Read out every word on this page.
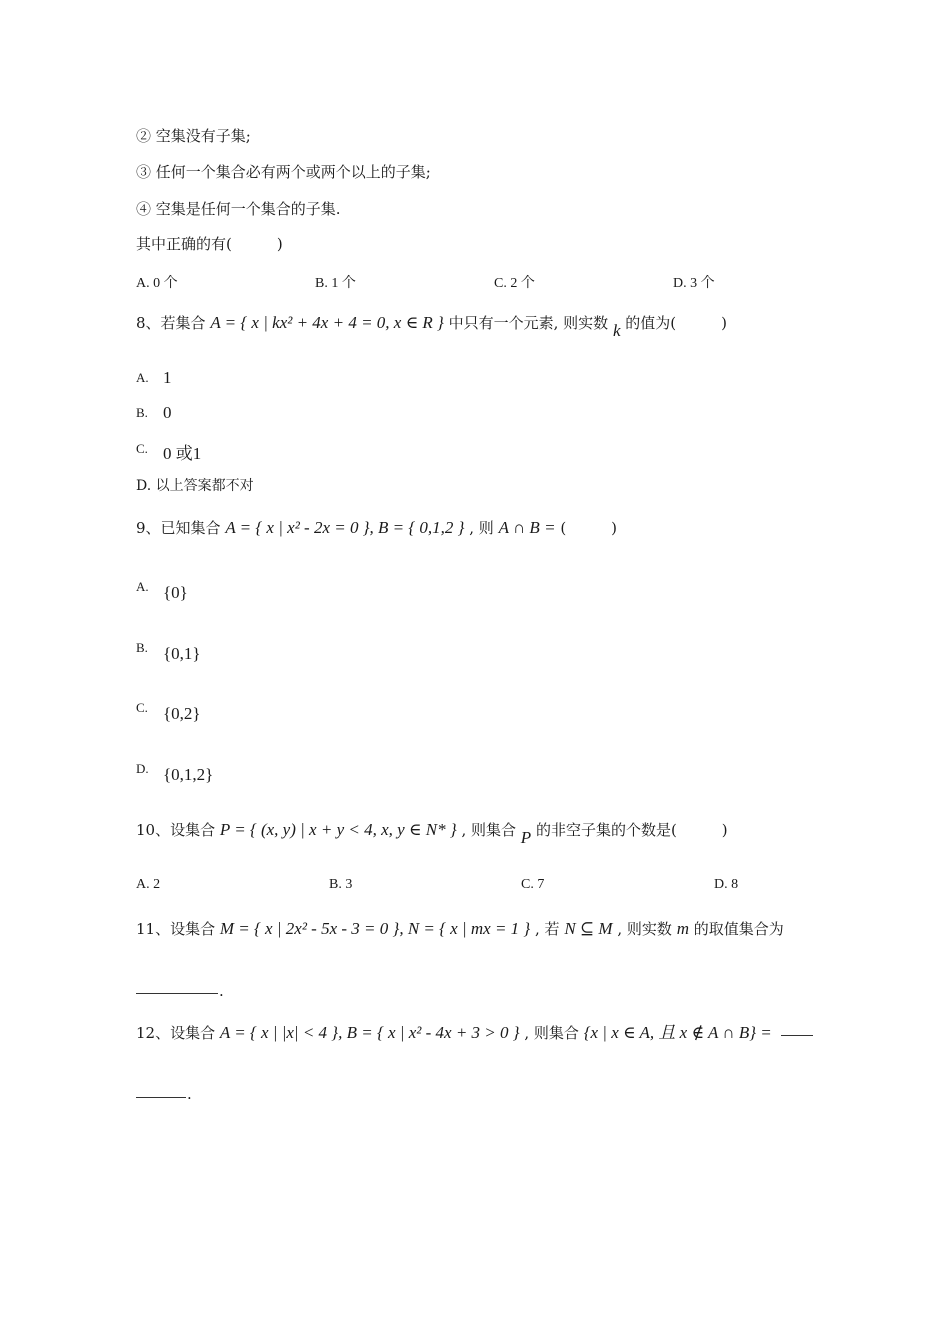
② 空集没有子集;
③ 任何一个集合必有两个或两个以上的子集;
④ 空集是任何一个集合的子集.
其中正确的有(　　　)
A. 0 个	B. 1 个	C. 2 个	D. 3 个
8、若集合 A = { x | kx² + 4x + 4 = 0, x ∈ R } 中只有一个元素, 则实数 k 的值为(　　　)
A. 1
B. 0
C. 0 或1
D. 以上答案都不对
9、已知集合 A = { x | x² - 2x = 0 }, B = { 0,1,2 } , 则 A ∩ B = (　　　)
A. {0}
B. {0,1}
C. {0,2}
D. {0,1,2}
10、设集合 P = { (x, y) | x + y < 4, x, y ∈ N* } , 则集合 P 的非空子集的个数是(　　　)
A. 2	B. 3	C. 7	D. 8
11、设集合 M = { x | 2x² - 5x - 3 = 0 }, N = { x | mx = 1 } , 若 N ⊆ M , 则实数 m 的取值集合为
.
12、设集合 A = { x | |x| < 4 }, B = { x | x² - 4x + 3 > 0 } , 则集合 {x | x ∈ A, 且 x ∉ A ∩ B} =
.
